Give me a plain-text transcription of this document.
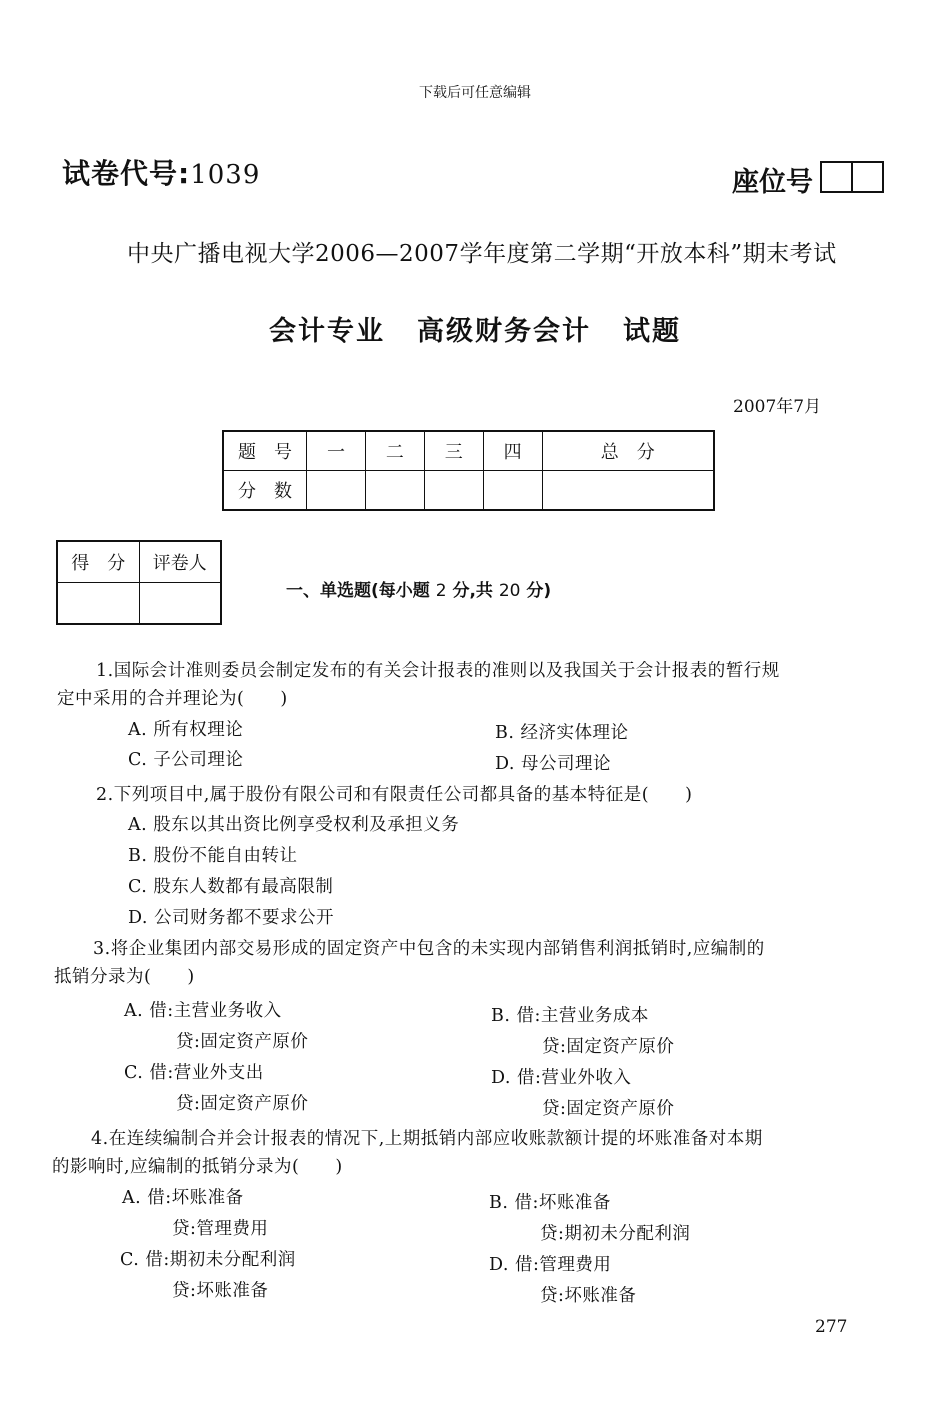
下载后可任意编辑
试卷代号:1039	座位号
中央广播电视大学2006—2007学年度第二学期“开放本科”期末考试
会计专业 高级财务会计 试题
2007年7月
题　号	一	二	三	四	总　分
分　数					
得　分	评卷人

一、单选题(每小题 2 分,共 20 分)
1.国际会计准则委员会制定发布的有关会计报表的准则以及我国关于会计报表的暂行规
定中采用的合并理论为(　　)
A. 所有权理论	B. 经济实体理论
C. 子公司理论	D. 母公司理论
2.下列项目中,属于股份有限公司和有限责任公司都具备的基本特征是(　　)
A. 股东以其出资比例享受权利及承担义务
B. 股份不能自由转让
C. 股东人数都有最高限制
D. 公司财务都不要求公开
3.将企业集团内部交易形成的固定资产中包含的未实现内部销售利润抵销时,应编制的
抵销分录为(　　)
A. 借:主营业务收入
贷:固定资产原价
B. 借:主营业务成本
贷:固定资产原价
C. 借:营业外支出
贷:固定资产原价
D. 借:营业外收入
贷:固定资产原价
4.在连续编制合并会计报表的情况下,上期抵销内部应收账款额计提的坏账准备对本期
的影响时,应编制的抵销分录为(　　)
A. 借:坏账准备
贷:管理费用
B. 借:坏账准备
贷:期初未分配利润
C. 借:期初未分配利润
贷:坏账准备
D. 借:管理费用
贷:坏账准备
277
